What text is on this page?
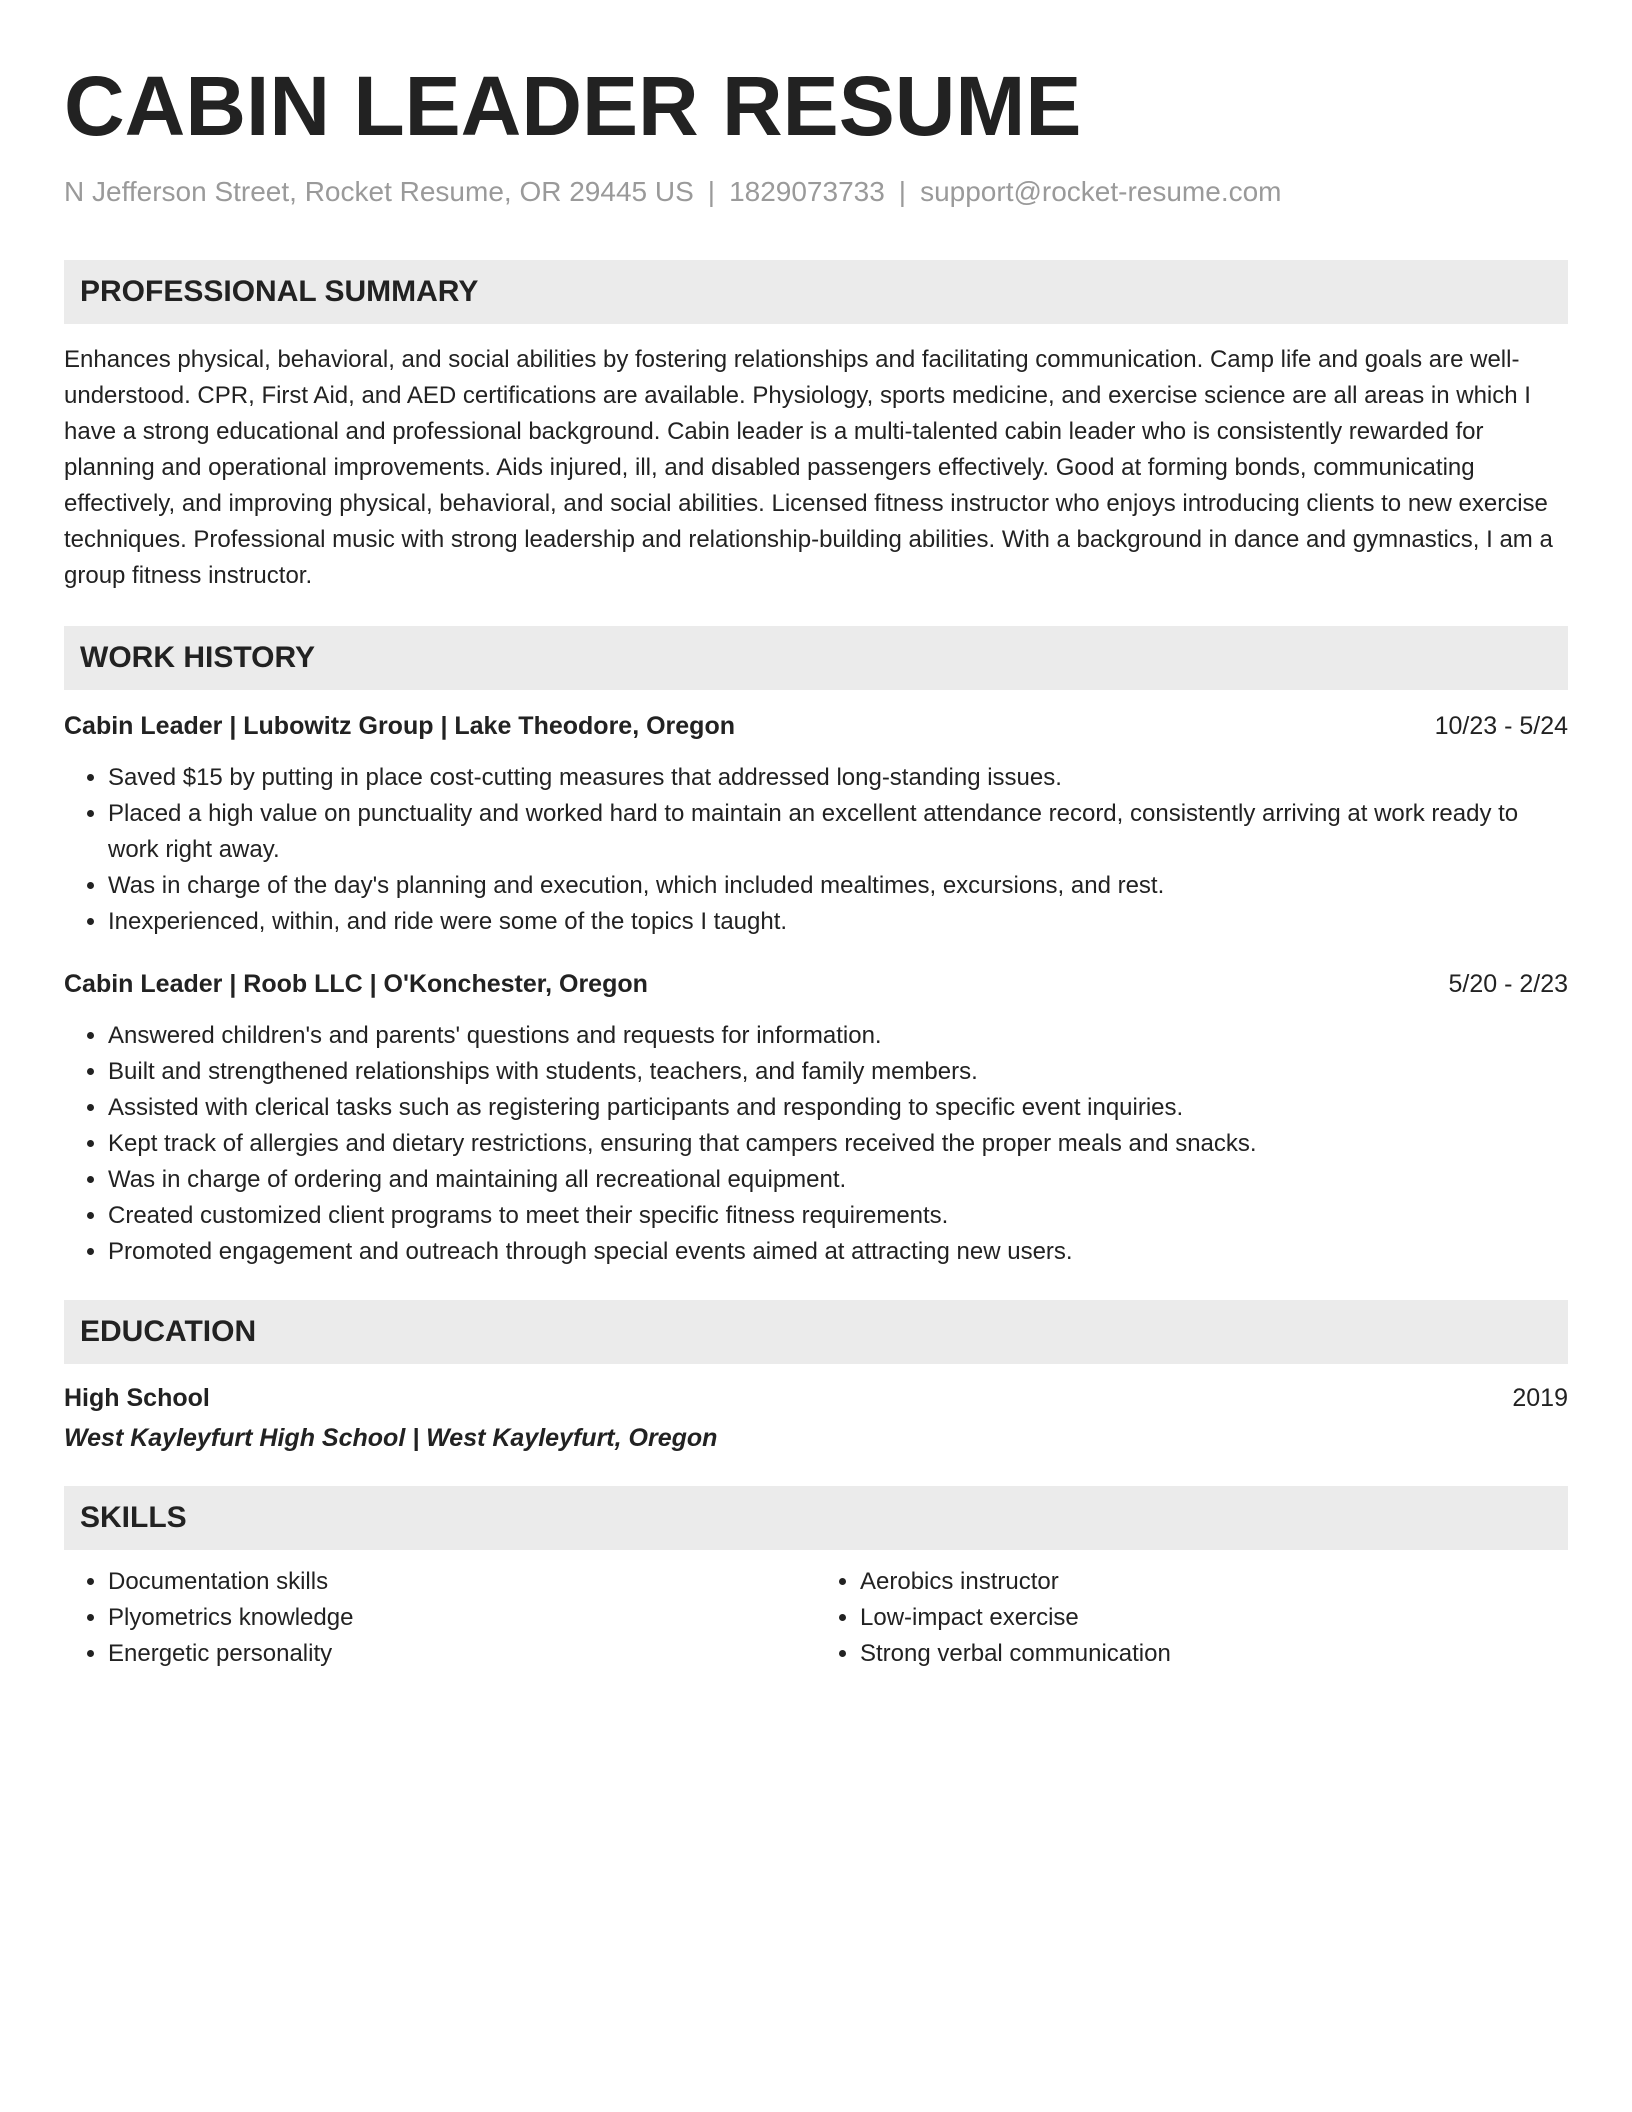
CABIN LEADER RESUME
N Jefferson Street, Rocket Resume, OR 29445 US | 1829073733 | support@rocket-resume.com
PROFESSIONAL SUMMARY
Enhances physical, behavioral, and social abilities by fostering relationships and facilitating communication. Camp life and goals are well-understood. CPR, First Aid, and AED certifications are available. Physiology, sports medicine, and exercise science are all areas in which I have a strong educational and professional background. Cabin leader is a multi-talented cabin leader who is consistently rewarded for planning and operational improvements. Aids injured, ill, and disabled passengers effectively. Good at forming bonds, communicating effectively, and improving physical, behavioral, and social abilities. Licensed fitness instructor who enjoys introducing clients to new exercise techniques. Professional music with strong leadership and relationship-building abilities. With a background in dance and gymnastics, I am a group fitness instructor.
WORK HISTORY
Cabin Leader | Lubowitz Group | Lake Theodore, Oregon	10/23 - 5/24
• Saved $15 by putting in place cost-cutting measures that addressed long-standing issues.
• Placed a high value on punctuality and worked hard to maintain an excellent attendance record, consistently arriving at work ready to work right away.
• Was in charge of the day's planning and execution, which included mealtimes, excursions, and rest.
• Inexperienced, within, and ride were some of the topics I taught.
Cabin Leader | Roob LLC | O'Konchester, Oregon	5/20 - 2/23
• Answered children's and parents' questions and requests for information.
• Built and strengthened relationships with students, teachers, and family members.
• Assisted with clerical tasks such as registering participants and responding to specific event inquiries.
• Kept track of allergies and dietary restrictions, ensuring that campers received the proper meals and snacks.
• Was in charge of ordering and maintaining all recreational equipment.
• Created customized client programs to meet their specific fitness requirements.
• Promoted engagement and outreach through special events aimed at attracting new users.
EDUCATION
High School	2019
West Kayleyfurt High School | West Kayleyfurt, Oregon
SKILLS
• Documentation skills
• Plyometrics knowledge
• Energetic personality
• Aerobics instructor
• Low-impact exercise
• Strong verbal communication
